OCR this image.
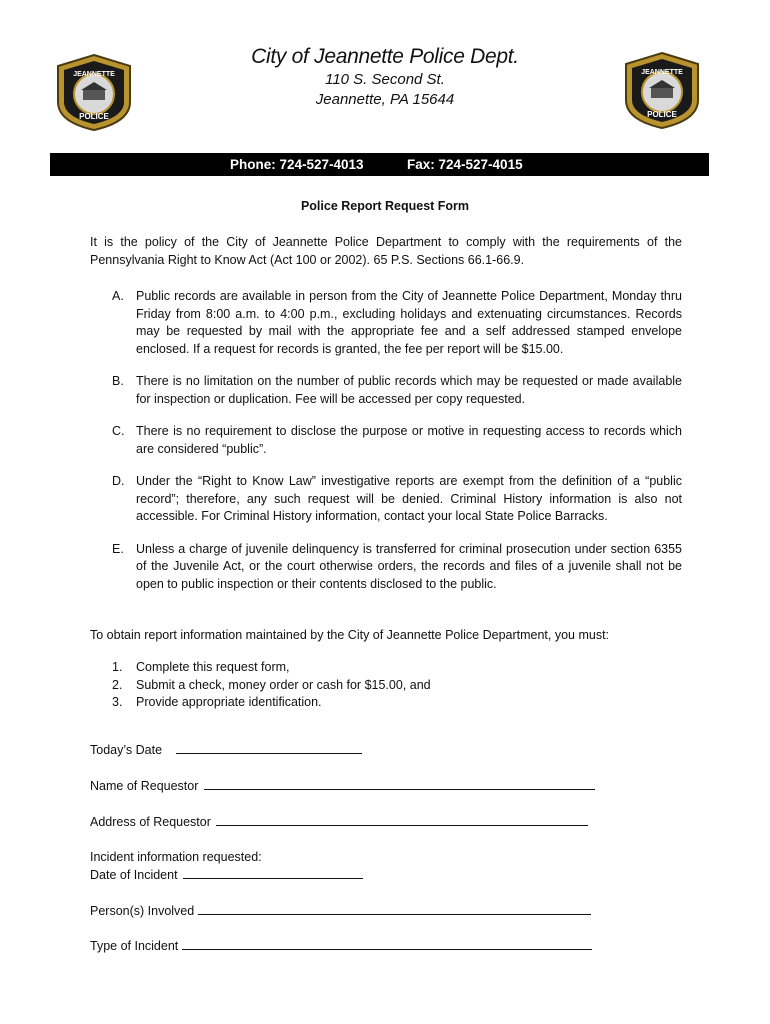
JEANNETTE
POLICE
JEANNETTE
POLICE
City of Jeannette Police Dept.
110 S. Second St.
Jeannette, PA 15644
Phone: 724-527-4013	Fax: 724-527-4015
Police Report Request Form
It is the policy of the City of Jeannette Police Department to comply with the requirements of the Pennsylvania Right to Know Act (Act 100 or 2002). 65 P.S. Sections 66.1-66.9.
A. Public records are available in person from the City of Jeannette Police Department, Monday thru Friday from 8:00 a.m. to 4:00 p.m., excluding holidays and extenuating circumstances. Records may be requested by mail with the appropriate fee and a self addressed stamped envelope enclosed. If a request for records is granted, the fee per report will be $15.00.
B. There is no limitation on the number of public records which may be requested or made available for inspection or duplication. Fee will be accessed per copy requested.
C. There is no requirement to disclose the purpose or motive in requesting access to records which are considered “public”.
D. Under the “Right to Know Law” investigative reports are exempt from the definition of a “public record”; therefore, any such request will be denied. Criminal History information is also not accessible. For Criminal History information, contact your local State Police Barracks.
E. Unless a charge of juvenile delinquency is transferred for criminal prosecution under section 6355 of the Juvenile Act, or the court otherwise orders, the records and files of a juvenile shall not be open to public inspection or their contents disclosed to the public.
To obtain report information maintained by the City of Jeannette Police Department, you must:
1. Complete this request form,
2. Submit a check, money order or cash for $15.00, and
3. Provide appropriate identification.
Today’s Date
Name of Requestor
Address of Requestor
Incident information requested:
Date of Incident
Person(s) Involved
Type of Incident
